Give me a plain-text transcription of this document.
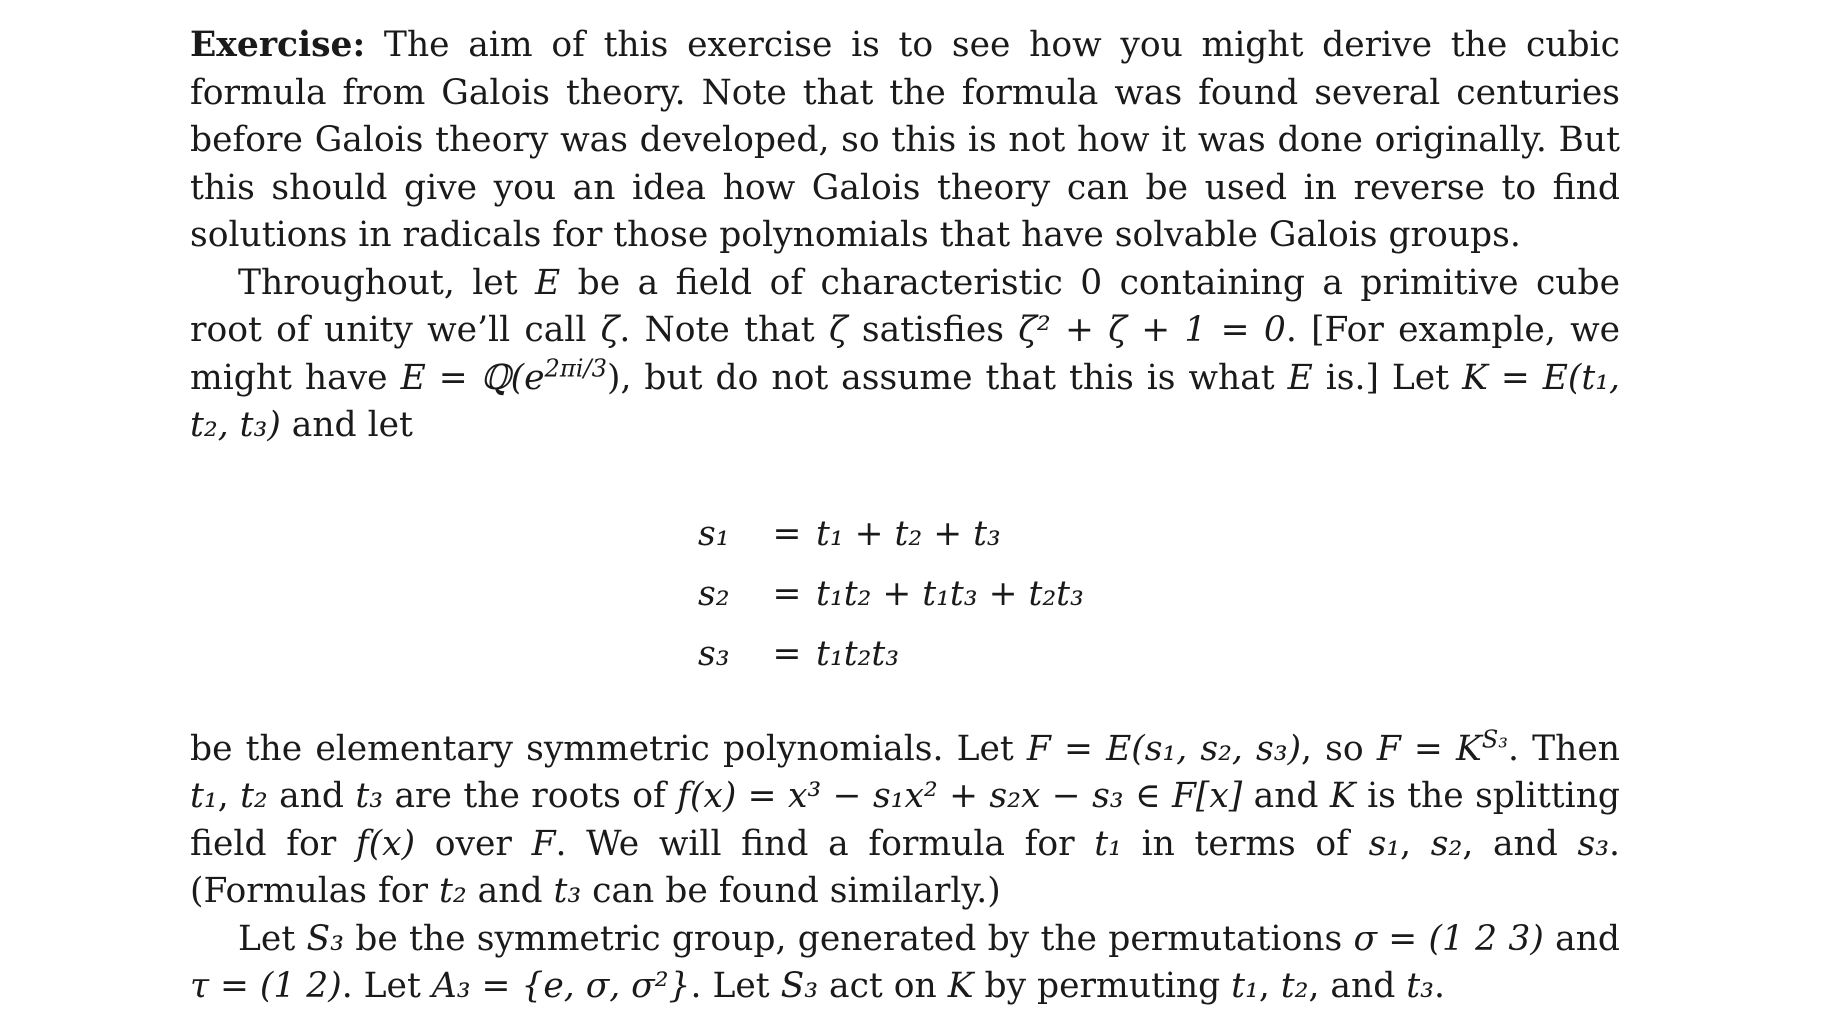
Exercise: The aim of this exercise is to see how you might derive the cubic formula from Galois theory. Note that the formula was found several centuries before Galois theory was developed, so this is not how it was done originally. But this should give you an idea how Galois theory can be used in reverse to find solutions in radicals for those polynomials that have solvable Galois groups.

Throughout, let E be a field of characteristic 0 containing a primitive cube root of unity we’ll call ζ. Note that ζ satisfies ζ² + ζ + 1 = 0. [For example, we might have $E = ℚ(e^{2\pi i/3})$, but do not assume that this is what E is.] Let K = E(t₁, t₂, t₃) and let

s₁	= t₁ + t₂ + t₃
s₂	= t₁t₂ + t₁t₃ + t₂t₃
s₃	= t₁t₂t₃

be the elementary symmetric polynomials. Let F = E(s₁, s₂, s₃), so $F = K^{S_3}$. Then t₁, t₂ and t₃ are the roots of f(x) = x³ − s₁x² + s₂x − s₃ ∈ F[x] and K is the splitting field for f(x) over F. We will find a formula for t₁ in terms of s₁, s₂, and s₃. (Formulas for t₂ and t₃ can be found similarly.)

Let S₃ be the symmetric group, generated by the permutations σ = (1 2 3) and τ = (1 2). Let A₃ = {e, σ, σ²}. Let S₃ act on K by permuting t₁, t₂, and t₃.
